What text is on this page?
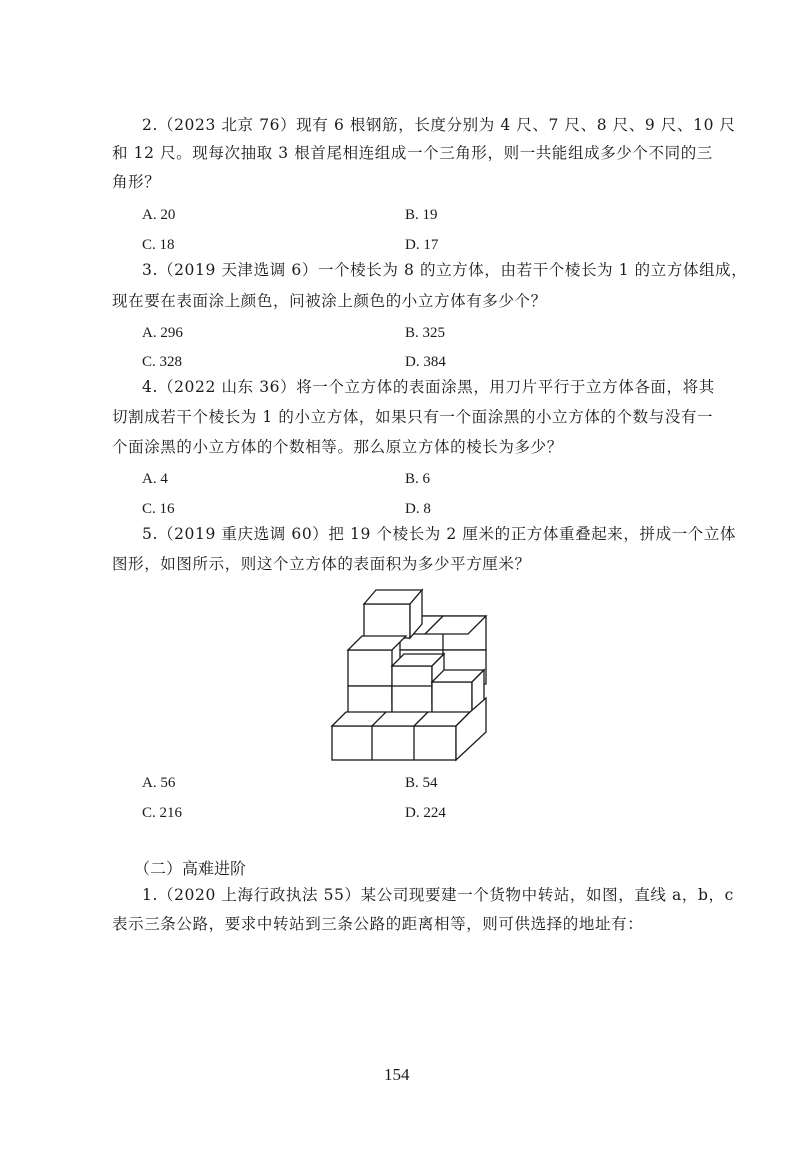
2.（2023 北京 76）现有 6 根钢筋，长度分别为 4 尺、7 尺、8 尺、9 尺、10 尺
和 12 尺。现每次抽取 3 根首尾相连组成一个三角形，则一共能组成多少个不同的三
角形？
A. 20	B. 19
C. 18	D. 17
3.（2019 天津选调 6）一个棱长为 8 的立方体，由若干个棱长为 1 的立方体组成，
现在要在表面涂上颜色，问被涂上颜色的小立方体有多少个？
A. 296	B. 325
C. 328	D. 384
4.（2022 山东 36）将一个立方体的表面涂黑，用刀片平行于立方体各面，将其
切割成若干个棱长为 1 的小立方体，如果只有一个面涂黑的小立方体的个数与没有一
个面涂黑的小立方体的个数相等。那么原立方体的棱长为多少？
A. 4	B. 6
C. 16	D. 8
5.（2019 重庆选调 60）把 19 个棱长为 2 厘米的正方体重叠起来，拼成一个立体
图形，如图所示，则这个立方体的表面积为多少平方厘米？
A. 56	B. 54
C. 216	D. 224
（二）高难进阶
1.（2020 上海行政执法 55）某公司现要建一个货物中转站，如图，直线 a，b，c
表示三条公路，要求中转站到三条公路的距离相等，则可供选择的地址有：
154
